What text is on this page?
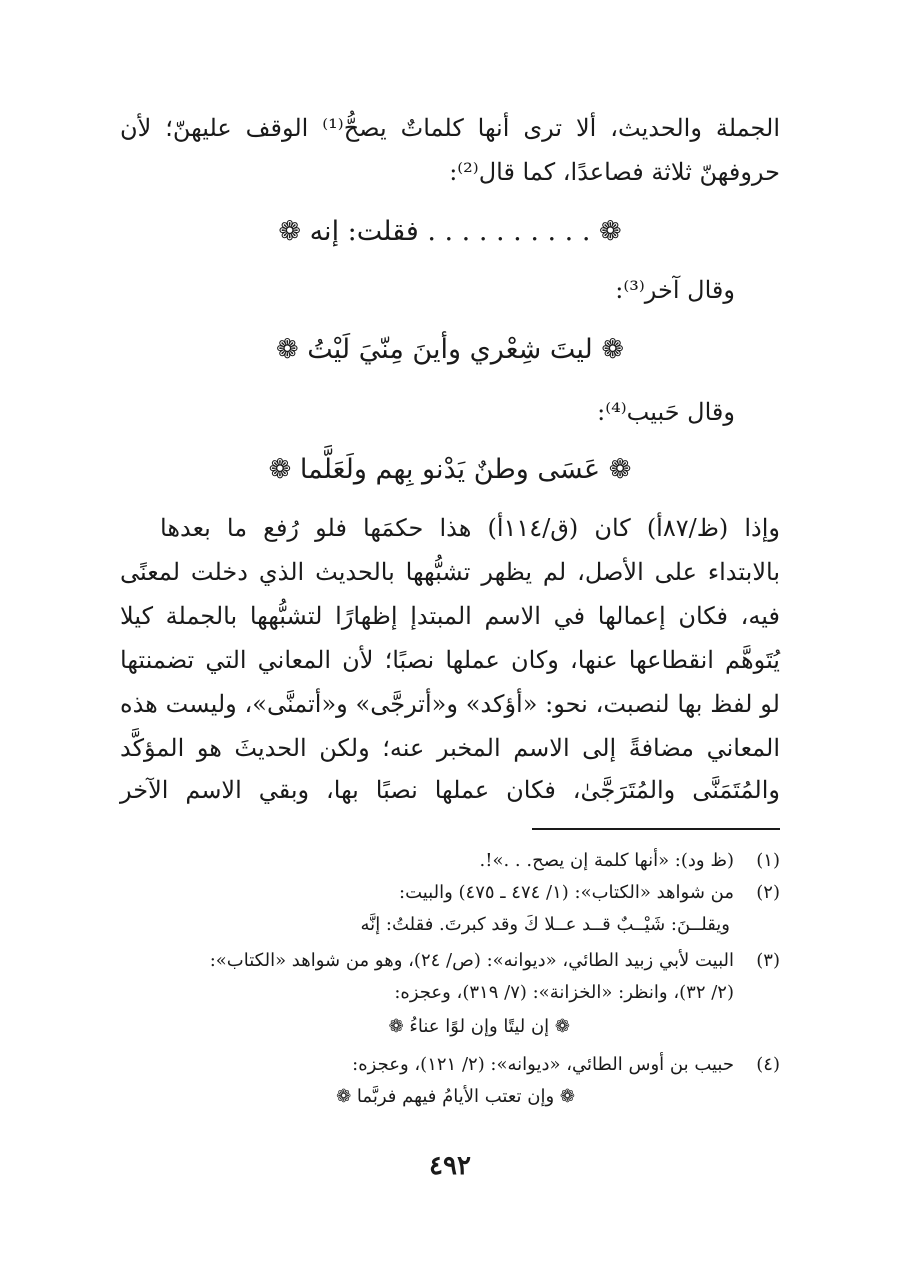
الجملة والحديث، ألا ترى أنها كلماتٌ يصحُّ⁽¹⁾ الوقف عليهنّ؛ لأن
حروفهنّ ثلاثة فصاعدًا، كما قال⁽²⁾:
❁ . . . . . . . . . . فقلت: إنه ❁
وقال آخر⁽³⁾:
❁ ليتَ شِعْري وأينَ مِنّيَ لَيْتُ ❁
وقال حَبيب⁽⁴⁾:
❁ عَسَى وطنٌ يَدْنو بِهم ولَعَلَّما ❁
وإذا (ظ/٨٧أ) كان (ق/١١٤أ) هذا حكمَها فلو رُفع ما بعدها
بالابتداء على الأصل، لم يظهر تشبُّهها بالحديث الذي دخلت لمعنًى
فيه، فكان إعمالها في الاسم المبتدإ إظهارًا لتشبُّهها بالجملة كيلا
يُتَوهَّم انقطاعها عنها، وكان عملها نصبًا؛ لأن المعاني التي تضمنتها
لو لفظ بها لنصبت، نحو: «أؤكد» و«أترجَّى» و«أتمنَّى»، وليست هذه
المعاني مضافةً إلى الاسم المخبر عنه؛ ولكن الحديثَ هو المؤكَّد
والمُتَمَنَّى والمُتَرَجَّىٰ، فكان عملها نصبًا بها، وبقي الاسم الآخر
(١)
(ظ ود): «أنها كلمة إن يصح. . .»!.
(٢)
من شواهد «الكتاب»: (١/ ٤٧٤ ـ ٤٧٥) والبيت:
ويقلــنَ: شَيْــبٌ قــد عــلا كَ وقد كبرتَ. فقلتُ: إنَّه
(٣)
البيت لأبي زبيد الطائي، «ديوانه»: (ص/ ٢٤)، وهو من شواهد «الكتاب»:
(٢/ ٣٢)، وانظر: «الخزانة»: (٧/ ٣١٩)، وعجزه:
❁ إن ليتًا وإن لوًا عناءُ ❁
(٤)
حبيب بن أوس الطائي، «ديوانه»: (٢/ ١٢١)، وعجزه:
❁ وإن تعتب الأيامُ فيهم فربَّما ❁
٤٩٢
